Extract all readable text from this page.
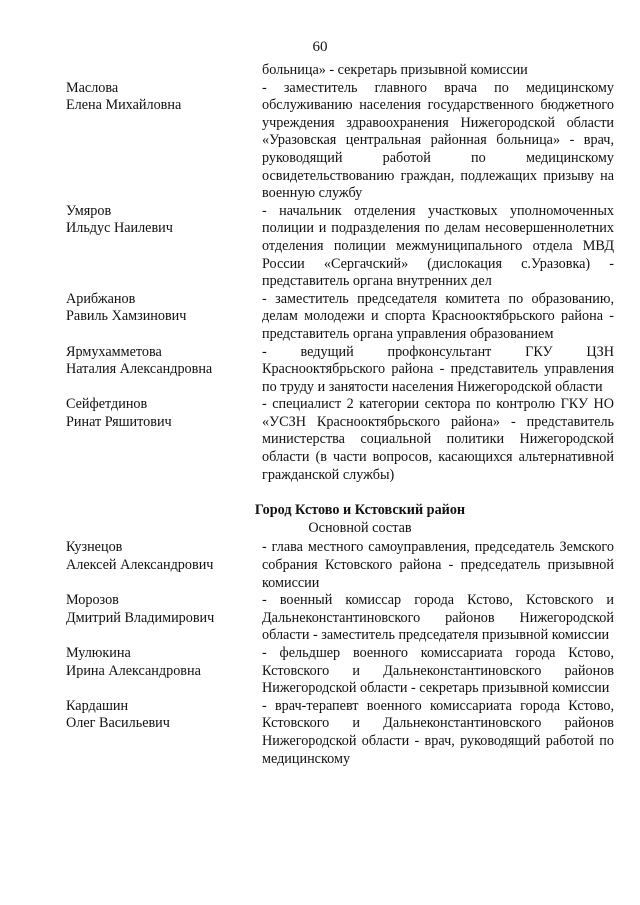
60
больница» - секретарь призывной комиссии
Маслова
Елена Михайловна
- заместитель главного врача по медицинскому обслуживанию населения государственного бюджетного учреждения здравоохранения Нижегородской области «Уразовская центральная районная больница» - врач, руководящий работой по медицинскому освидетельствованию граждан, подлежащих призыву на военную службу
Умяров
Ильдус Наилевич
- начальник отделения участковых уполномоченных полиции и подразделения по делам несовершеннолетних отделения полиции межмуниципального отдела МВД России «Сергачский» (дислокация с.Уразовка) - представитель органа внутренних дел
Арибжанов
Равиль Хамзинович
- заместитель председателя комитета по образованию, делам молодежи и спорта Краснооктябрьского района - представитель органа управления образованием
Ярмухамметова
Наталия Александровна
- ведущий профконсультант ГКУ ЦЗН Краснооктябрьского района - представитель управления по труду и занятости населения Нижегородской области
Сейфетдинов
Ринат Ряшитович
- специалист 2 категории сектора по контролю ГКУ НО «УСЗН Краснооктябрьского района» - представитель министерства социальной политики Нижегородской области (в части вопросов, касающихся альтернативной гражданской службы)
Город Кстово и Кстовский район
Основной состав
Кузнецов
Алексей Александрович
- глава местного самоуправления, председатель Земского собрания Кстовского района - председатель призывной комиссии
Морозов
Дмитрий Владимирович
- военный комиссар города Кстово, Кстовского и Дальнеконстантиновского районов Нижегородской области - заместитель председателя призывной комиссии
Мулюкина
Ирина Александровна
- фельдшер военного комиссариата города Кстово, Кстовского и Дальнеконстантиновского районов Нижегородской области - секретарь призывной комиссии
Кардашин
Олег Васильевич
- врач-терапевт военного комиссариата города Кстово, Кстовского и Дальнеконстантиновского районов Нижегородской области - врач, руководящий работой по медицинскому
